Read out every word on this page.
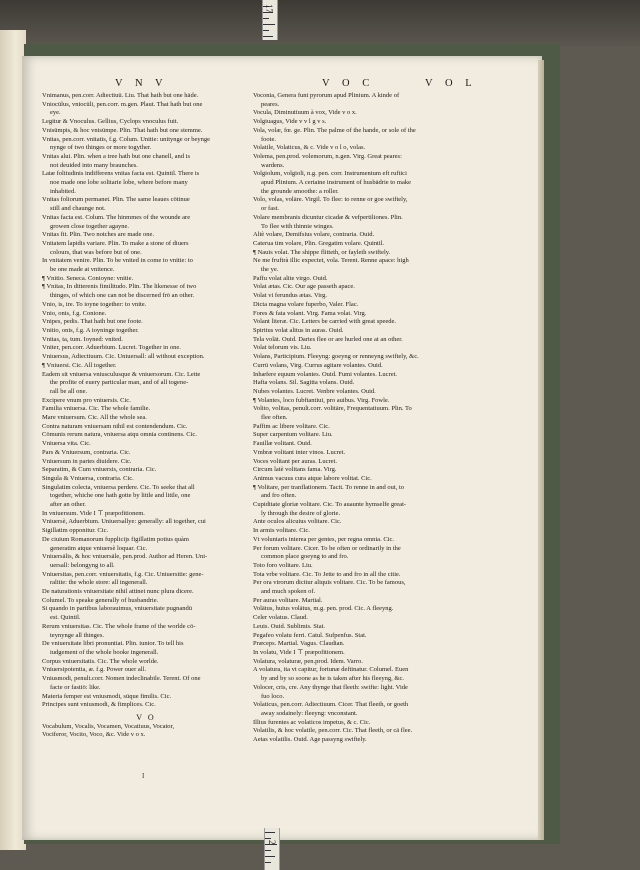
17
V N V	V O C	V O L

Vnimanus, pen.corr. Adiectiuū. Liu. That hath but one hāde.

Vniocūlus, vniocūli, pen.corr. m.gen. Plaut. That hath but one

eye.

Legitur & Vnoculus. Gellius, Cyclops vnoculus fuit.

Vnisūmpis, & hoc vnisūmpe. Plin. That hath but one stemme.

Vnitas, pen.corr. vnitatis, f.g. Colum. Unitie: unitynge or beynge

nynge of two thinges or more togyther.

Vnitas alui. Plin. when a tree hath but one chanell, and is

not deuided into many braunches.

Latæ folitudinis indifferens vnitas facta est. Quintil. There is

noe made one lobe solitarie lobe, where before many

inhabited.

Vnitas foliorum permanet. Plin. The same leaues cōtinue

still and chaunge not.

Vnitas facta est. Colum. The hinmmes of the wounde are

growen close together agayne.

Vnitas fit. Plin. Two notches are made one.

Vnitatem lapidis variare. Plin. To make a stone of diuers

colours, that was before but of one.

In vnitatem venire. Plin. To be vnited in come to vnitie: to

be one made at vnitence.

¶ Vnitio. Seneca. Conioyne: vnitie.

¶ Vnitas, In ditterenis fimilitudo. Plin. The likenesse of two

thinges, of which one can not be discerned frō an other.

Vnio, is, ire. To ioyne together: to vnite.

Vnio, onis, f.g. Conione.

Vnipes, pedis. That hath but one foote.

Vnitio, onis, f.g. A ioyninge together.

Vnitas, ta, tum. Ioyned: vnited.

Vniter, pen.corr. Aduerbium. Lucret. Together in one.

Vniuersus, Adiectiuum. Cic. Uniuersall: all without exception.

¶ Vniuersi. Cic. All together.

Eadem sit vniuersa vniusculusque & vniuersorum. Cic. Lette

the profite of euery particular man, and of all togene-

rall be all one.

Excipere vnum pro vniuersis. Cic.

Familia vniuersa. Cic. The whole familie.

Mare vniuersum. Cic. All the whole sea.

Contra naturam vniuersam nihil est contendendum. Cic.

Cōmunis rerum natura, vniuersa atqu omnia continens. Cic.

Vniuersa vita. Cic.

Pars & Vniuersum, contraria. Cic.

Vniuersum in partes diuidere. Cic.

Separatim, & Cum vniuersis, contraria. Cic.

Singula & Vniuersa, contraria. Cic.

Singulatim colecta, vniuersa perdere. Cic. To seeke that all

together, whiche one hath gotte by little and little, one

after an other.

In vniuersum. Vide I ⊤ præpofitionem.

Vniuersè, Aduerbium. Uniuersallye: generally: all together, cui

Sigillatim opponitur. Cic.

De ciuium Romanorum fupplicijs figillatim potius quàm

generatim atque vniuersè loquar. Cic.

Vniuersālis, & hoc vniuersāle, pen.prod. Author ad Heren. Uni-

uersall: belongyng to all.

Vniuersitas, pen.corr. vniuersitatis, f.g. Cic. Uniuersitie: gene-

ralitie: the whole store: all ingenerall.

De naturationis vniuersitate nihil attinet nunc plura dicere.

Columel. To speake generally of husbandrie.

Si quando in partibus laborauimus, vniuersitate pugnandū

est. Quintil.

Rerum vniuersitas. Cic. The whole frame of the worlde cō-

teynynge all thinges.

De vniuersitate libri pronuntiat. Plin. iunior. To tell his

iudgement of the whole booke ingenerall.

Corpus vniuersitatis. Cic. The whole worlde.

Vniuersipotentia, æ. f.g. Power ouer all.

Vniusmodi, penult.corr. Nomen indeclinabile. Terent. Of one

facte or fastiō: like.

Materia femper est vniusmodi, sūque fimilis. Cic.

Principes sunt vniusmodi, & fimplices. Cic.

V O

Vocabulum, Vocalis, Vocamen, Vocatiuus, Vocator,

Vociferor, Vocito, Voco, &c. Vide v o x.

Voconia, Genera funt pyrorum apud Plinium. A kinde of

peares.

Vocula, Diminutiuum à vox, Vide v o x.

Volgiuagus, Vide v v l g v s.

Vola, volæ, fœ. ge. Plin. The palme of the hande, or sole of the

foote.

Volatile, Volaticus, & c. Vide v o l o, volas.

Volema, pen.prod. volemorum, n.gen. Virg. Great peares:

wardens.

Volgiolum, volgioli, n.g. pen. corr. Instrumentum eft ruftici

apud Plinium. A certaine instrument of husbādrie to make

the grounde smoothe: a roller.

Volo, volas, volāre. Virgil. To flee: to renne or goe swiftely,

or fast.

Volare membranis dicuntur cicadæ & vefpertiliones. Plin.

To flee with thinnie winges.

Altè volare, Demifsius volare, contraria. Ouid.

Caterua tim volare, Plin. Gregatim volare. Quintil.

¶ Nauis volat. The shippe flitteth, or fayleth swiftely.

Ne me fruftrà illic expectet, vola. Terent. Renne apace: high

the ye.

Paffu volat alite virgo. Ouid.

Volat ætas. Cic. Our age passeth apace.

Volat vi ferundus ætas. Virg.

Dicta magna volare fuperbo, Valer. Flac.

Fores & fata volant. Virg. Fama volat. Virg.

Volant literæ. Cic. Letters be carried with great speede.

Spiritus volat alitus in auras. Ouid.

Tela volāt. Ouid. Dartes flee or are hurled one at an other.

Volat telorum vis. Liu.

Volans, Participium. Fleeyng: goeyng or renneyng swiftely, &c.

Currū volans, Virg. Currus agitare volantes. Ouid.

Inhæfere equum volantes. Ouid. Fumi volantes. Lucret.

Hafta volans. Sil. Sagitta volans. Ouid.

Nubes volantes. Lucret. Venbre volantes. Ouid.

¶ Volantes, loco fubftantiui, pro auibus. Virg. Fowle.

Volito, volitas, penult.corr. volitāre, Frequentatiuum. Plin. To

flee often.

Paffim ac libere volitare. Cic.

Super carpentum volitare. Liu.

Fauillæ volitant. Ouid.

Vmbræ volitant inter vinos. Lucret.

Voces volitant per auras. Lucret.

Circum latè volitans fama. Virg.

Animus vacuus cura atque labore volitat. Cic.

¶ Volitare, per tranflationem. Tacit. To renne in and out, to

and fro often.

Cupiditate gloriæ volitare. Cic. To auaunte hymselfe great-

ly through the desire of glorie.

Ante oculos alicuius volitare. Cic.

In armis volitare. Cic.

Vt voluntaris interea per gentes, per regna omnia. Cic.

Per forum volitare. Cicer. To be often or ordinarily in the

common place goeyng to and fro.

Toto foro volitare. Liu.

Tota vrbe volitare. Cic. To Jette to and fro in all the citie.

Per ora virorum dicitur aliquis volitare. Cic. To be famous,

and much spoken of.

Per auras volitare. Martial.

Volātus, huius volātus, m.g. pen. prod. Cic. A fleeyng.

Celer volatus. Claud.

Leuis. Ouid. Sublimis. Stat.

Pegafeo volatu ferri. Catul. Sufpenfus. Stat.

Præceps. Martial. Vagus. Claudian.

In volatu, Vide I ⊤ præpofitionem.

Volatura, volaturæ, pen.prod. Idem. Varro.

A volatura, ita vt capitur, fortunæ deftinatur. Columel. Euen

by and by so soone as he is taken after his fleeyng, &c.

Volocer, cris, cre. Any thynge that fleeth: swifte: light. Vide

fuo loco.

Volaticus, pen.corr. Adiectiuum. Cicer. That fleeth, or goeth

away sodainely: fleeyng: vnconstant.

Illius furentes ac volaticos impetus, & c. Cic.

Volatilis, & hoc volatile, pen.corr. Cic. That fleeth, or cā flee.

Aetas volatilis. Ouid. Age passyng swiftely.

I
2
